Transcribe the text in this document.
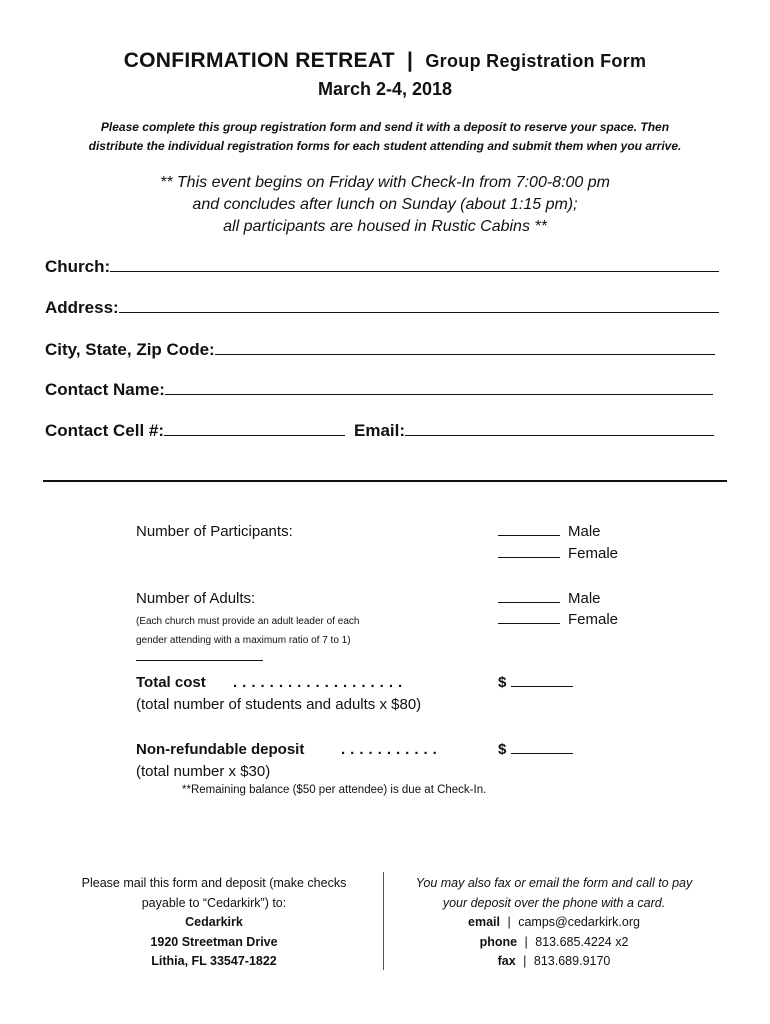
CONFIRMATION RETREAT | Group Registration Form
March 2-4, 2018
Please complete this group registration form and send it with a deposit to reserve your space. Then
distribute the individual registration forms for each student attending and submit them when you arrive.
** This event begins on Friday with Check-In from 7:00-8:00 pm
and concludes after lunch on Sunday (about 1:15 pm);
all participants are housed in Rustic Cabins **
Church:
Address:
City, State, Zip Code:
Contact Name:
Contact Cell #:	Email:
Number of Participants:	Male
Female
Number of Adults:
(Each church must provide an adult leader of each
gender attending with a maximum ratio of 7 to 1)
Male
Female
Total cost ...................
(total number of students and adults x $80)
$
Non-refundable deposit ...........
(total number x $30)
$
**Remaining balance ($50 per attendee) is due at Check-In.
Please mail this form and deposit (make checks
payable to “Cedarkirk”) to:
Cedarkirk
1920 Streetman Drive
Lithia, FL 33547-1822
You may also fax or email the form and call to pay
your deposit over the phone with a card.
email | camps@cedarkirk.org
phone | 813.685.4224 x2
fax | 813.689.9170
